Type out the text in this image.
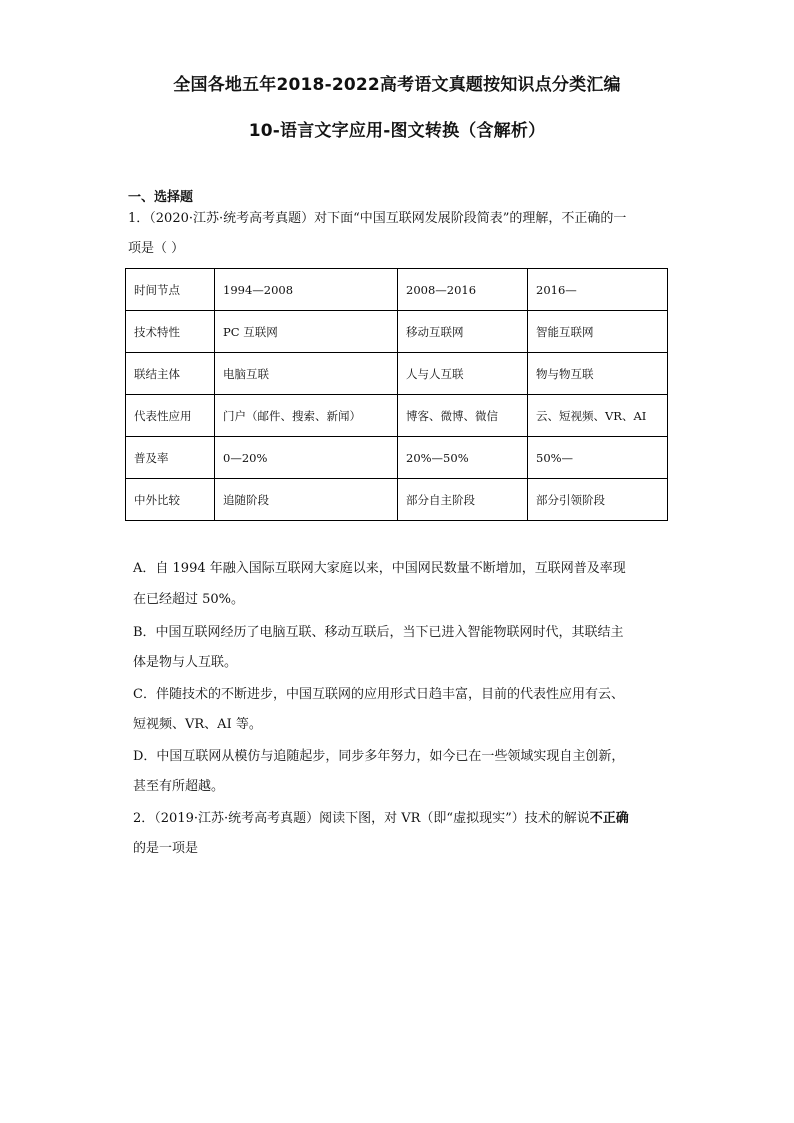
全国各地五年2018-2022高考语文真题按知识点分类汇编
10-语言文字应用-图文转换（含解析）
一、选择题
1．（2020·江苏·统考高考真题）对下面“中国互联网发展阶段简表”的理解，不正确的一
项是（ ）
时间节点	1994—2008	2008—2016	2016—
技术特性	PC 互联网	移动互联网	智能互联网
联结主体	电脑互联	人与人互联	物与物互联
代表性应用	门户（邮件、搜索、新闻）	博客、微博、微信	云、短视频、VR、AI
普及率	0—20%	20%—50%	50%—
中外比较	追随阶段	部分自主阶段	部分引领阶段
A．自 1994 年融入国际互联网大家庭以来，中国网民数量不断增加，互联网普及率现
在已经超过 50%。
B．中国互联网经历了电脑互联、移动互联后，当下已进入智能物联网时代，其联结主
体是物与人互联。
C．伴随技术的不断进步，中国互联网的应用形式日趋丰富，目前的代表性应用有云、
短视频、VR、AI 等。
D．中国互联网从模仿与追随起步，同步多年努力，如今已在一些领域实现自主创新，
甚至有所超越。
2．（2019·江苏·统考高考真题）阅读下图，对 VR（即“虚拟现实”）技术的解说不正确
的是一项是
